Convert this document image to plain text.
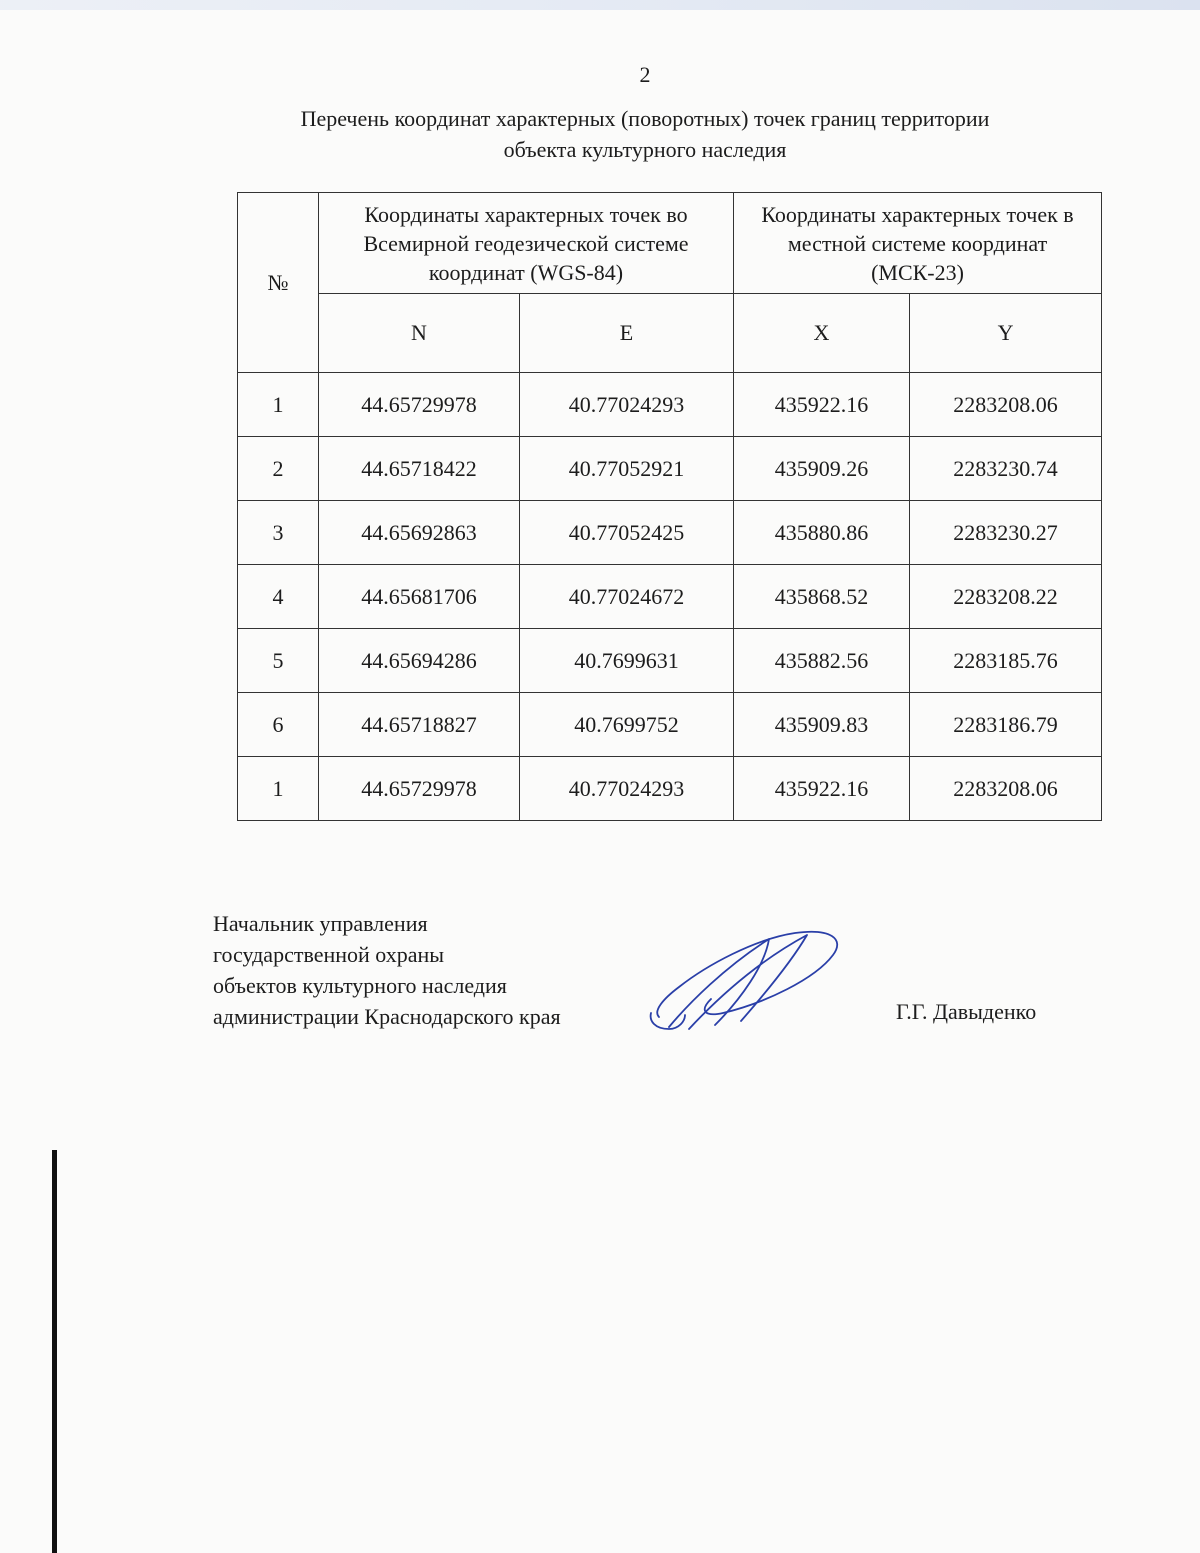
2
Перечень координат характерных (поворотных) точек границ территории
объекта культурного наследия
№	Координаты характерных точек во Всемирной геодезической системе координат (WGS-84)		Координаты характерных точек в местной системе координат (МСК-23)	
	N	E	X	Y
1	44.65729978	40.77024293	435922.16	2283208.06
2	44.65718422	40.77052921	435909.26	2283230.74
3	44.65692863	40.77052425	435880.86	2283230.27
4	44.65681706	40.77024672	435868.52	2283208.22
5	44.65694286	40.7699631	435882.56	2283185.76
6	44.65718827	40.7699752	435909.83	2283186.79
1	44.65729978	40.77024293	435922.16	2283208.06
Начальник управления
государственной охраны
объектов культурного наследия
администрации Краснодарского края	Г.Г. Давыденко
